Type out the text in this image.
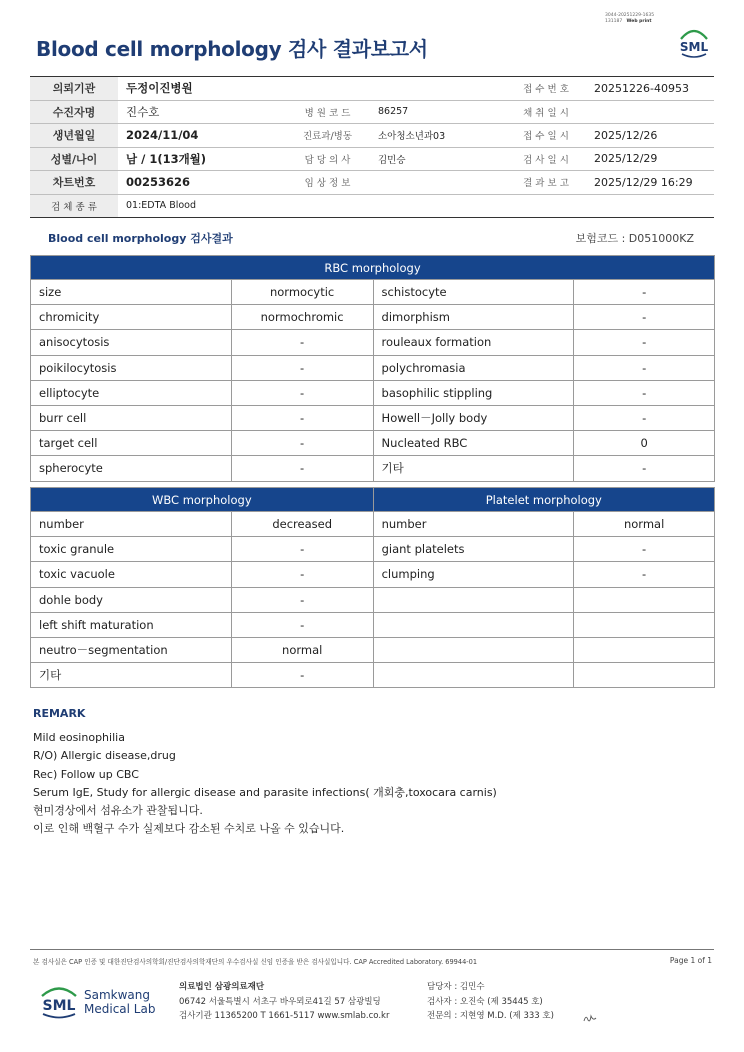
3044-20251229-1635
131187 Web print
Blood cell morphology 검사 결과보고서	SML
의뢰기관	두정이진병원			접 수 번 호	20251226-40953
수진자명	진수호	병 원 코 드	86257	채 취 일 시	
생년월일	2024/11/04	진료과/병동	소아청소년과03	접 수 일 시	2025/12/26
성별/나이	남 / 1(13개월)	담 당 의 사	김민승	검 사 일 시	2025/12/29
차트번호	00253626	임 상 정 보		결 과 보 고	2025/12/29 16:29
검 체 종 류	01:EDTA Blood				
Blood cell morphology 검사결과	보험코드 : D051000KZ
RBC morphology			
size	normocytic	schistocyte	-
chromicity	normochromic	dimorphism	-
anisocytosis	-	rouleaux formation	-
poikilocytosis	-	polychromasia	-
elliptocyte	-	basophilic stippling	-
burr cell	-	Howell－Jolly body	-
target cell	-	Nucleated RBC	0
spherocyte	-	기타	-
WBC morphology		Platelet morphology	
number	decreased	number	normal
toxic granule	-	giant platelets	-
toxic vacuole	-	clumping	-
dohle body	-		
left shift maturation	-		
neutro－segmentation	normal		
기타	-		
REMARK
Mild eosinophilia
R/O) Allergic disease,drug
Rec) Follow up CBC
Serum IgE, Study for allergic disease and parasite infections( 개회충,toxocara carnis)
현미경상에서 섬유소가 관찰됩니다.
이로 인해 백혈구 수가 실제보다 감소된 수치로 나올 수 있습니다.
본 검사실은 CAP 인증 및 대한진단검사의학회/진단검사의학재단의 우수검사실 신임 인증을 받은 검사실입니다. CAP Accredited Laboratory. 69944-01	Page 1 of 1
SML
Samkwang
Medical Lab
의료법인 삼광의료재단
06742 서울특별시 서초구 바우뫼로41길 57 삼광빌딩
검사기관 11365200 T 1661-5117 www.smlab.co.kr
담당자 : 김민수
검사자 : 오진숙 (제 35445 호)
전문의 : 지현영 M.D. (제 333 호)
